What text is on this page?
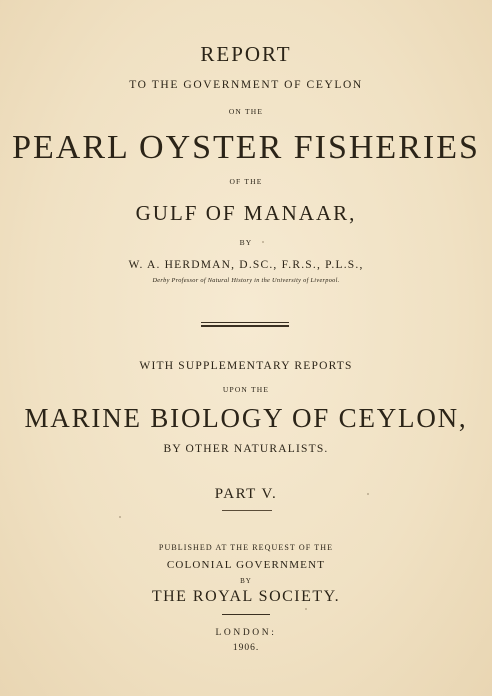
REPORT
TO THE GOVERNMENT OF CEYLON
ON THE
PEARL OYSTER FISHERIES
OF THE
GULF OF MANAAR,
BY
W. A. HERDMAN, D.SC., F.R.S., P.L.S.,
Derby Professor of Natural History in the University of Liverpool.
WITH SUPPLEMENTARY REPORTS
UPON THE
MARINE BIOLOGY OF CEYLON,
BY OTHER NATURALISTS.
PART V.
PUBLISHED AT THE REQUEST OF THE
COLONIAL GOVERNMENT
BY
THE ROYAL SOCIETY.
LONDON:
1906.
